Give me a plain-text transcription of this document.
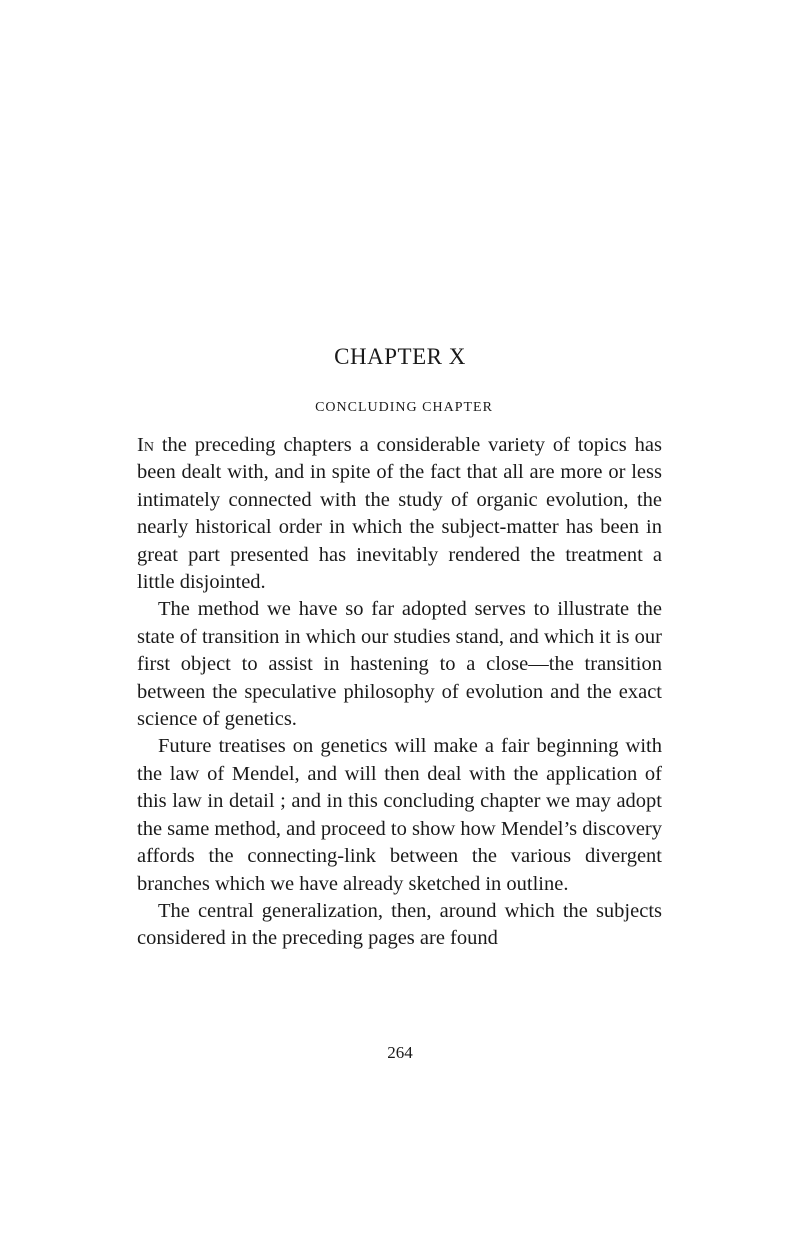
CHAPTER X
CONCLUDING CHAPTER

In the preceding chapters a considerable variety of topics has been dealt with, and in spite of the fact that all are more or less intimately connected with the study of organic evolution, the nearly historical order in which the subject-matter has been in great part presented has inevitably rendered the treatment a little disjointed.

The method we have so far adopted serves to illustrate the state of transition in which our studies stand, and which it is our first object to assist in hastening to a close—the transition between the speculative philosophy of evolution and the exact science of genetics.

Future treatises on genetics will make a fair beginning with the law of Mendel, and will then deal with the application of this law in detail ; and in this concluding chapter we may adopt the same method, and proceed to show how Mendel’s discovery affords the connecting-link between the various divergent branches which we have already sketched in outline.

The central generalization, then, around which the subjects considered in the preceding pages are found

264
